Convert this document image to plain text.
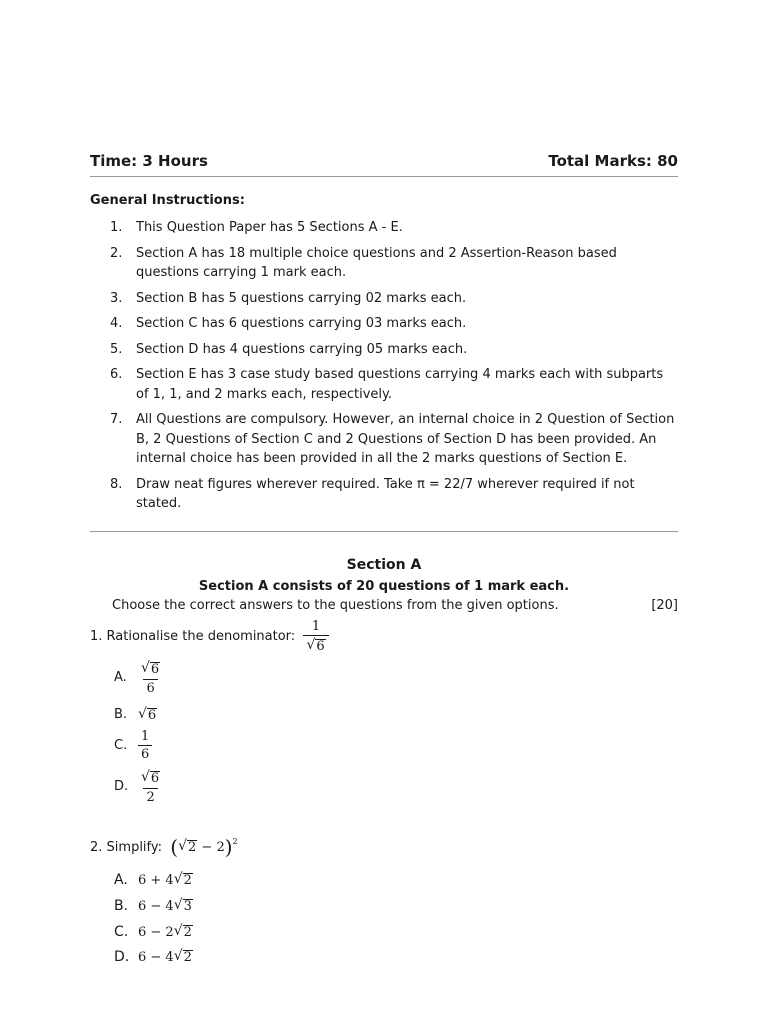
Time: 3 Hours	Total Marks: 80
General Instructions:
1.	This Question Paper has 5 Sections A - E.
2.	Section A has 18 multiple choice questions and 2 Assertion-Reason based questions carrying 1 mark each.
3.	Section B has 5 questions carrying 02 marks each.
4.	Section C has 6 questions carrying 03 marks each.
5.	Section D has 4 questions carrying 05 marks each.
6.	Section E has 3 case study based questions carrying 4 marks each with subparts of 1, 1, and 2 marks each, respectively.
7.	All Questions are compulsory. However, an internal choice in 2 Question of Section B, 2 Questions of Section C and 2 Questions of Section D has been provided. An internal choice has been provided in all the 2 marks questions of Section E.
8.	Draw neat figures wherever required. Take π = 22/7 wherever required if not stated.
Section A
Section A consists of 20 questions of 1 mark each.
Choose the correct answers to the questions from the given options.	[20]
1. Rationalise the denominator:
$\frac{1}{√ 6}$
A. $\frac{√ 6}{6}$
B. √ 6
C. $\frac{1}{6}$
D. $\frac{√ 6}{2}$
2. Simplify:
( √ 2 − 2 )$^2$
A. 6 + 4 √ 2
B. 6 − 4 √ 3
C. 6 − 2 √ 2
D. 6 − 4 √ 2
